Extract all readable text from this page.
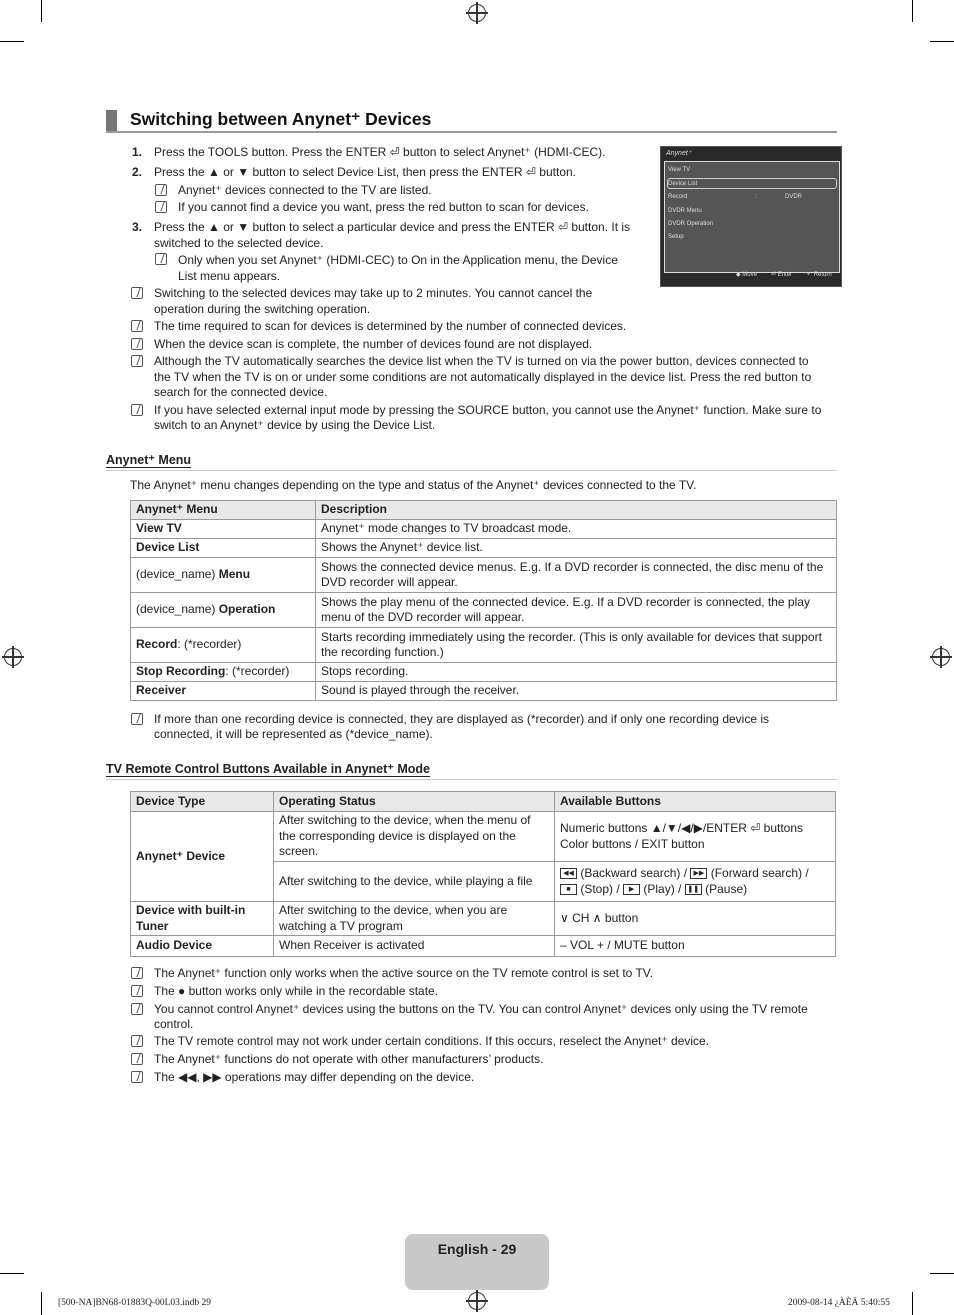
Switching between Anynet⁺ Devices
1. Press the TOOLS button. Press the ENTER ⏎ button to select Anynet⁺ (HDMI-CEC).
2. Press the ▲ or ▼ button to select Device List, then press the ENTER ⏎ button.
Anynet⁺ devices connected to the TV are listed.
If you cannot find a device you want, press the red button to scan for devices.
3. Press the ▲ or ▼ button to select a particular device and press the ENTER ⏎ button. It is
switched to the selected device.
Only when you set Anynet⁺ (HDMI-CEC) to On in the Application menu, the Device
List menu appears.
Anynet⁺
View TV
Device List
Record	:	DVDR
DVDR Menu
DVDR Operation
Setup
◆ Move ⏎ Enter ↶ Return
Switching to the selected devices may take up to 2 minutes. You cannot cancel the
operation during the switching operation.
The time required to scan for devices is determined by the number of connected devices.
When the device scan is complete, the number of devices found are not displayed.
Although the TV automatically searches the device list when the TV is turned on via the power button, devices connected to
the TV when the TV is on or under some conditions are not automatically displayed in the device list. Press the red button to
search for the connected device.
If you have selected external input mode by pressing the SOURCE button, you cannot use the Anynet⁺ function. Make sure to
switch to an Anynet⁺ device by using the Device List.
Anynet⁺ Menu
The Anynet⁺ menu changes depending on the type and status of the Anynet⁺ devices connected to the TV.
Anynet⁺ Menu	Description
View TV	Anynet⁺ mode changes to TV broadcast mode.
Device List	Shows the Anynet⁺ device list.
(device_name) Menu	Shows the connected device menus. E.g. If a DVD recorder is connected, the disc menu of the DVD recorder will appear.
(device_name) Operation	Shows the play menu of the connected device. E.g. If a DVD recorder is connected, the play menu of the DVD recorder will appear.
Record: (*recorder)	Starts recording immediately using the recorder. (This is only available for devices that support the recording function.)
Stop Recording: (*recorder)	Stops recording.
Receiver	Sound is played through the receiver.
If more than one recording device is connected, they are displayed as (*recorder) and if only one recording device is
connected, it will be represented as (*device_name).
TV Remote Control Buttons Available in Anynet⁺ Mode
Device Type	Operating Status	Available Buttons
Anynet⁺ Device	After switching to the device, when the menu of the corresponding device is displayed on the screen.	Numeric buttons ▲/▼/◀/▶/ENTER ⏎ buttons
Color buttons / EXIT button

	After switching to the device, while playing a file	◀◀ (Backward search) / ▶▶ (Forward search) /
■ (Stop) / ▶ (Play) / ❚❚ (Pause)

Device with built-in Tuner	After switching to the device, when you are watching a TV program	∨ CH ∧ button
Audio Device	When Receiver is activated	– VOL + / MUTE button
The Anynet⁺ function only works when the active source on the TV remote control is set to TV.
The ● button works only while in the recordable state.
You cannot control Anynet⁺ devices using the buttons on the TV. You can control Anynet⁺ devices only using the TV remote
control.
The TV remote control may not work under certain conditions. If this occurs, reselect the Anynet⁺ device.
The Anynet⁺ functions do not operate with other manufacturers’ products.
The ◀◀, ▶▶ operations may differ depending on the device.
English - 29
[500-NA]BN68-01883Q-00L03.indb 29	2009-08-14 ¿ÀÈÄ 5:40:55
